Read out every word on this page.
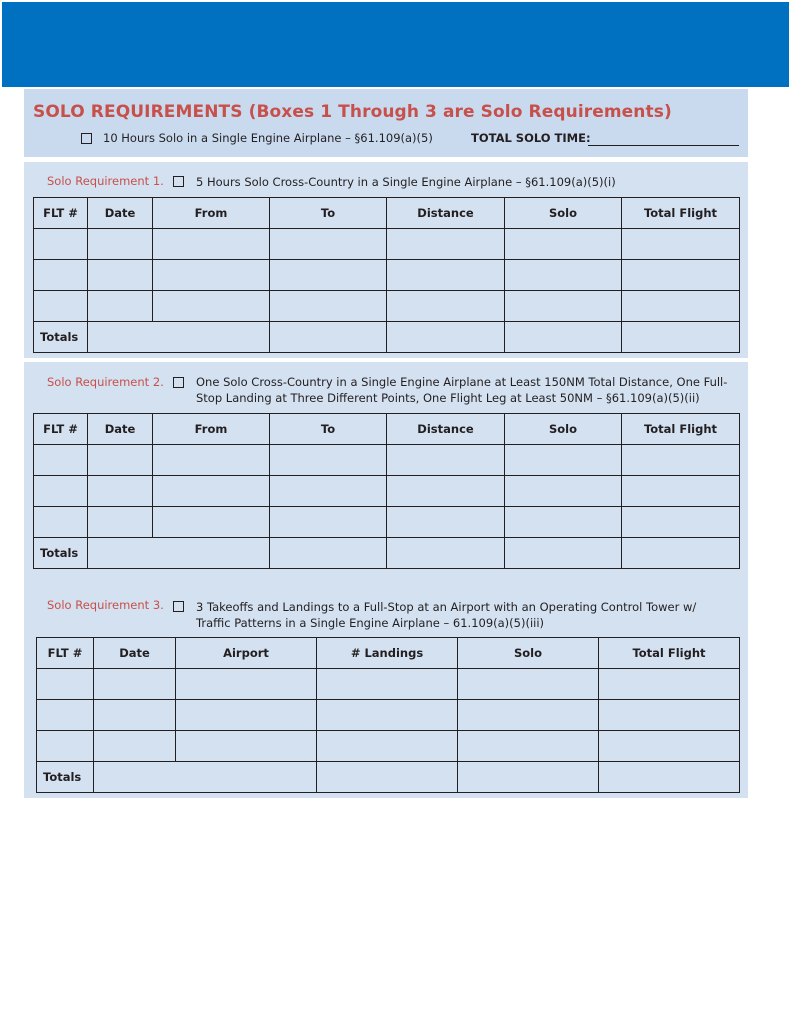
SOLO REQUIREMENTS (Boxes 1 Through 3 are Solo Requirements)
10 Hours Solo in a Single Engine Airplane – §61.109(a)(5)	TOTAL SOLO TIME:
Solo Requirement 1.	5 Hours Solo Cross-Country in a Single Engine Airplane – §61.109(a)(5)(i)
FLT #	Date	From	To	Distance	Solo	Total Flight

Totals						
Solo Requirement 2.	One Solo Cross-Country in a Single Engine Airplane at Least 150NM Total Distance, One Full-
Stop Landing at Three Different Points, One Flight Leg at Least 50NM – §61.109(a)(5)(ii)
FLT #	Date	From	To	Distance	Solo	Total Flight

Totals						
Solo Requirement 3.	3 Takeoffs and Landings to a Full-Stop at an Airport with an Operating Control Tower w/
Traffic Patterns in a Single Engine Airplane – 61.109(a)(5)(iii)
FLT #	Date	Airport	# Landings	Solo	Total Flight

Totals					
